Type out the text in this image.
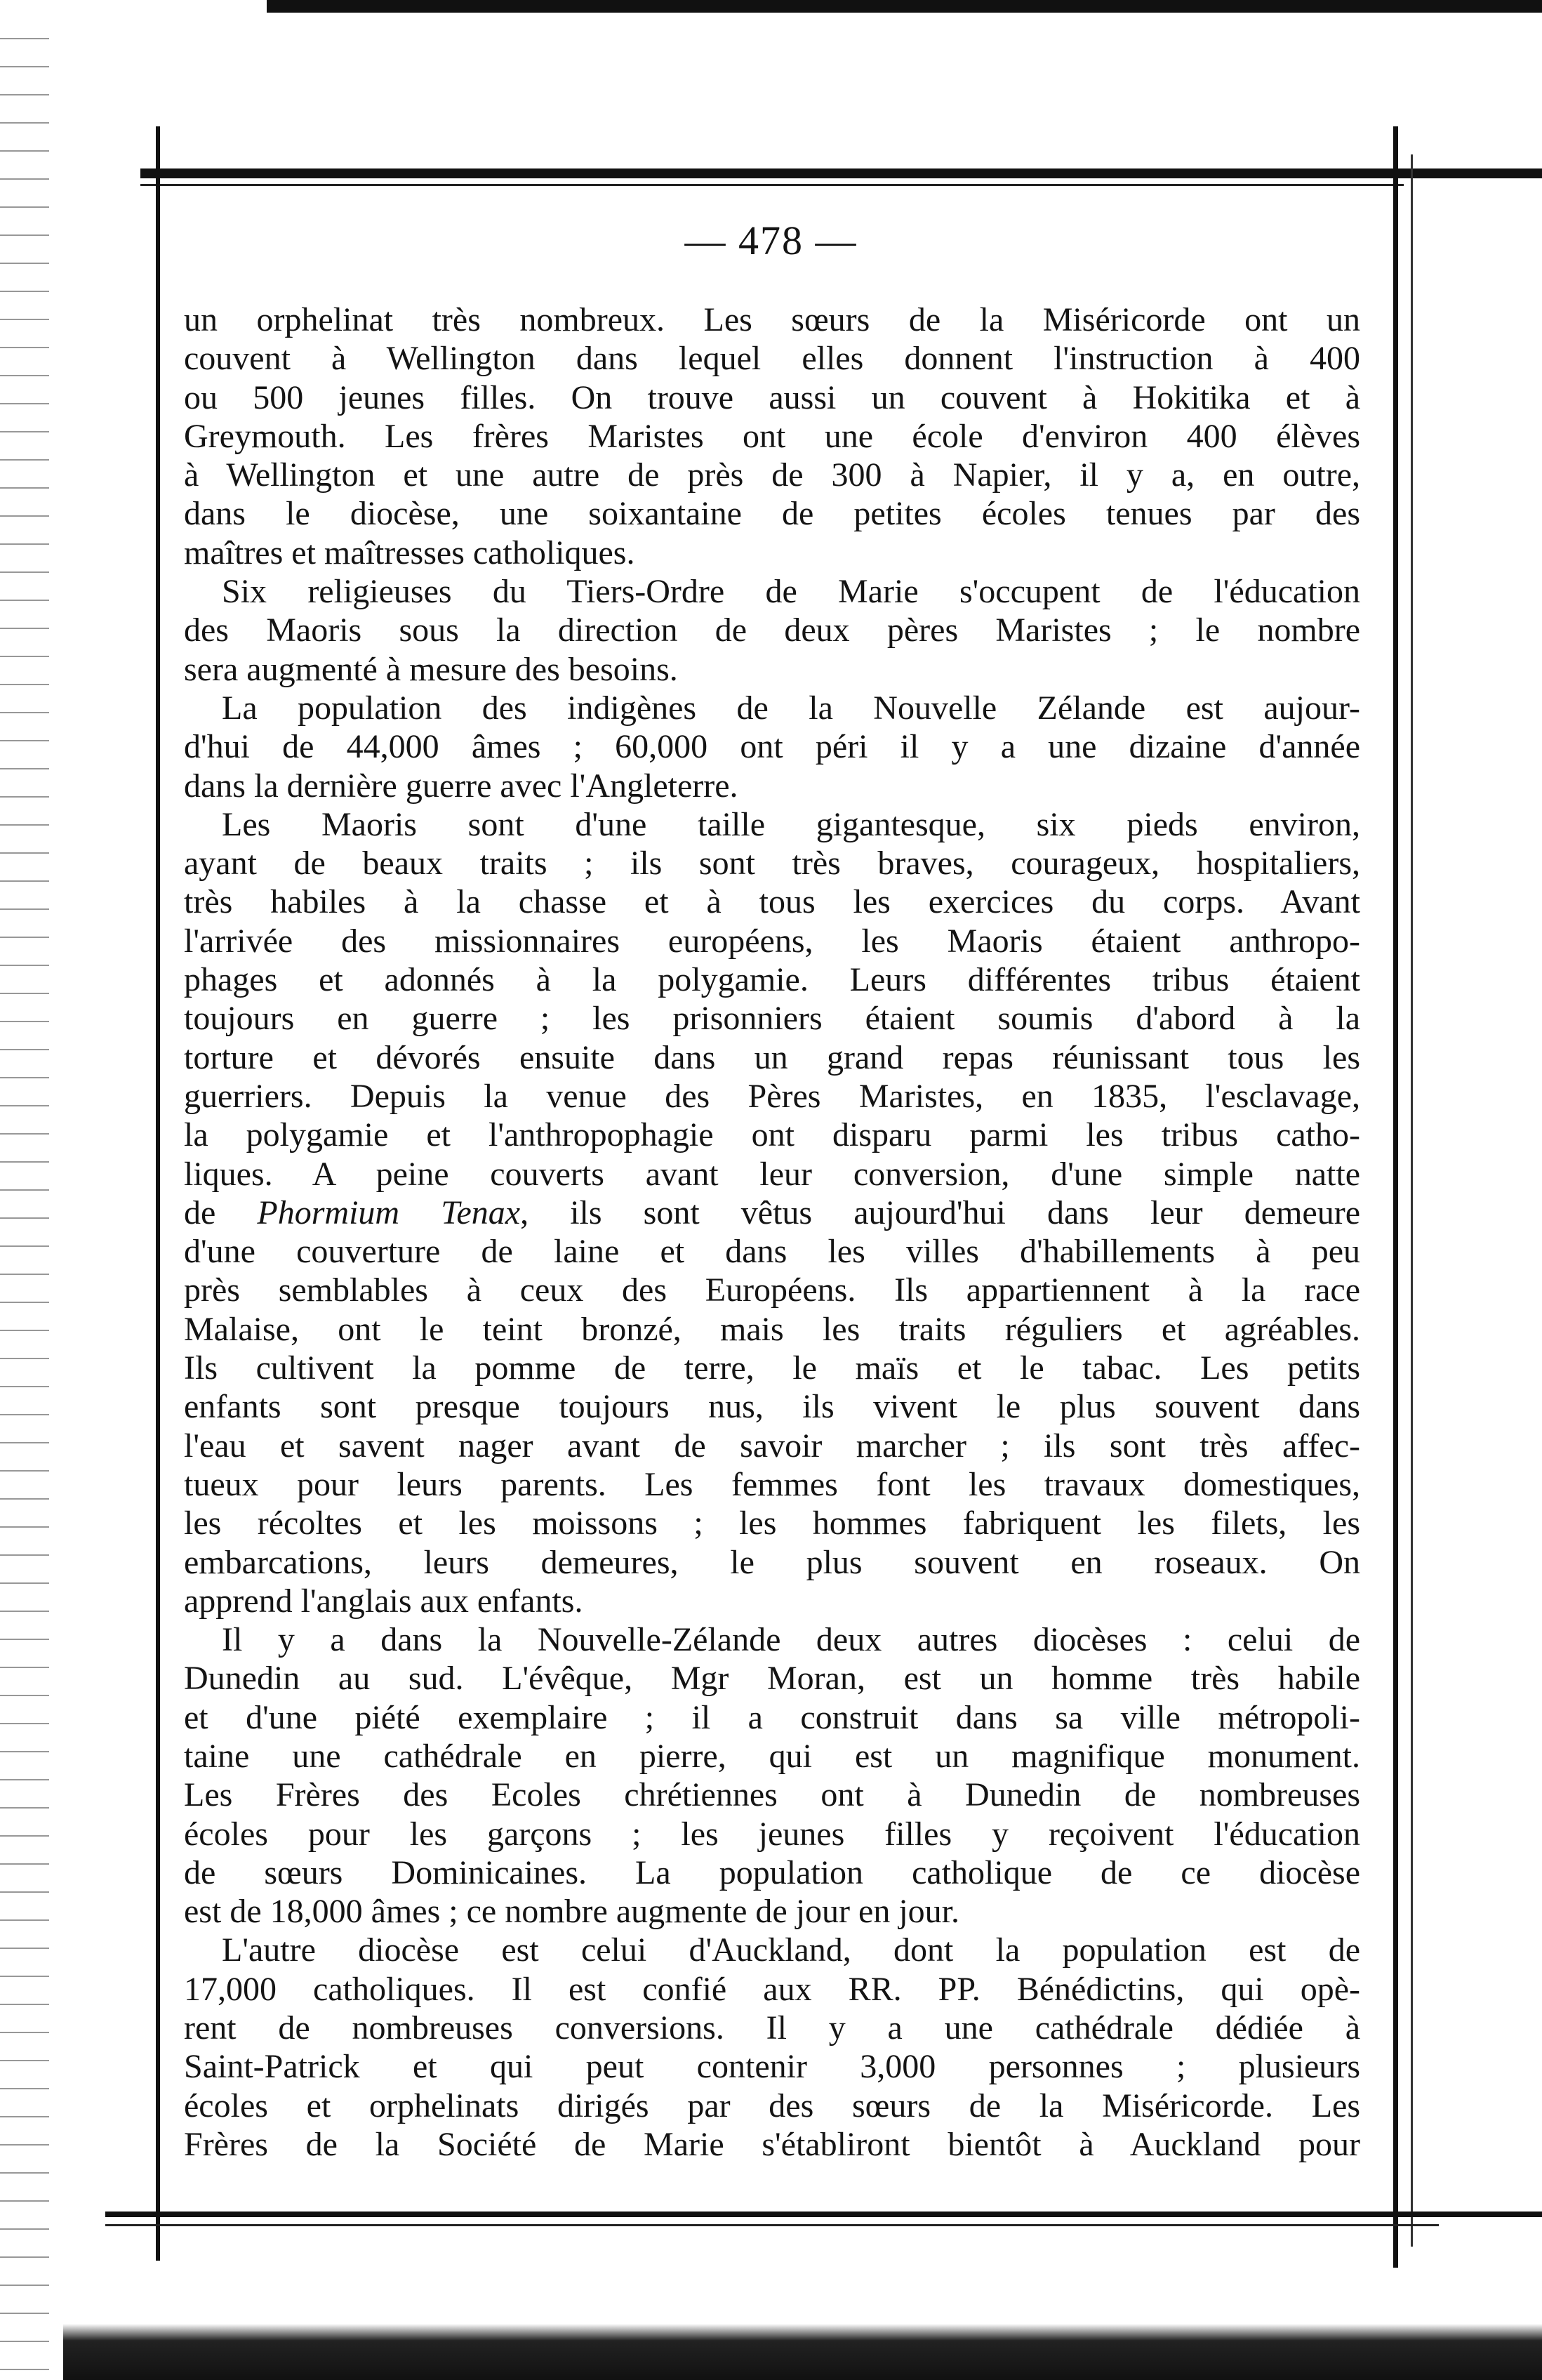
— 478 —
un orphelinat très nombreux. Les sœurs de la Miséricorde ont un
couvent à Wellington dans lequel elles donnent l'instruction à 400
ou 500 jeunes filles. On trouve aussi un couvent à Hokitika et à
Greymouth. Les frères Maristes ont une école d'environ 400 élèves
à Wellington et une autre de près de 300 à Napier, il y a, en outre,
dans le diocèse, une soixantaine de petites écoles tenues par des
maîtres et maîtresses catholiques.
Six religieuses du Tiers-Ordre de Marie s'occupent de l'éducation
des Maoris sous la direction de deux pères Maristes ; le nombre
sera augmenté à mesure des besoins.
La population des indigènes de la Nouvelle Zélande est aujour-
d'hui de 44,000 âmes ; 60,000 ont péri il y a une dizaine d'année
dans la dernière guerre avec l'Angleterre.
Les Maoris sont d'une taille gigantesque, six pieds environ,
ayant de beaux traits ; ils sont très braves, courageux, hospitaliers,
très habiles à la chasse et à tous les exercices du corps. Avant
l'arrivée des missionnaires européens, les Maoris étaient anthropo-
phages et adonnés à la polygamie. Leurs différentes tribus étaient
toujours en guerre ; les prisonniers étaient soumis d'abord à la
torture et dévorés ensuite dans un grand repas réunissant tous les
guerriers. Depuis la venue des Pères Maristes, en 1835, l'esclavage,
la polygamie et l'anthropophagie ont disparu parmi les tribus catho-
liques. A peine couverts avant leur conversion, d'une simple natte
de Phormium Tenax, ils sont vêtus aujourd'hui dans leur demeure
d'une couverture de laine et dans les villes d'habillements à peu
près semblables à ceux des Européens. Ils appartiennent à la race
Malaise, ont le teint bronzé, mais les traits réguliers et agréables.
Ils cultivent la pomme de terre, le maïs et le tabac. Les petits
enfants sont presque toujours nus, ils vivent le plus souvent dans
l'eau et savent nager avant de savoir marcher ; ils sont très affec-
tueux pour leurs parents. Les femmes font les travaux domestiques,
les récoltes et les moissons ; les hommes fabriquent les filets, les
embarcations, leurs demeures, le plus souvent en roseaux. On
apprend l'anglais aux enfants.
Il y a dans la Nouvelle-Zélande deux autres diocèses : celui de
Dunedin au sud. L'évêque, Mgr Moran, est un homme très habile
et d'une piété exemplaire ; il a construit dans sa ville métropoli-
taine une cathédrale en pierre, qui est un magnifique monument.
Les Frères des Ecoles chrétiennes ont à Dunedin de nombreuses
écoles pour les garçons ; les jeunes filles y reçoivent l'éducation
de sœurs Dominicaines. La population catholique de ce diocèse
est de 18,000 âmes ; ce nombre augmente de jour en jour.
L'autre diocèse est celui d'Auckland, dont la population est de
17,000 catholiques. Il est confié aux RR. PP. Bénédictins, qui opè-
rent de nombreuses conversions. Il y a une cathédrale dédiée à
Saint-Patrick et qui peut contenir 3,000 personnes ; plusieurs
écoles et orphelinats dirigés par des sœurs de la Miséricorde. Les
Frères de la Société de Marie s'établiront bientôt à Auckland pour
